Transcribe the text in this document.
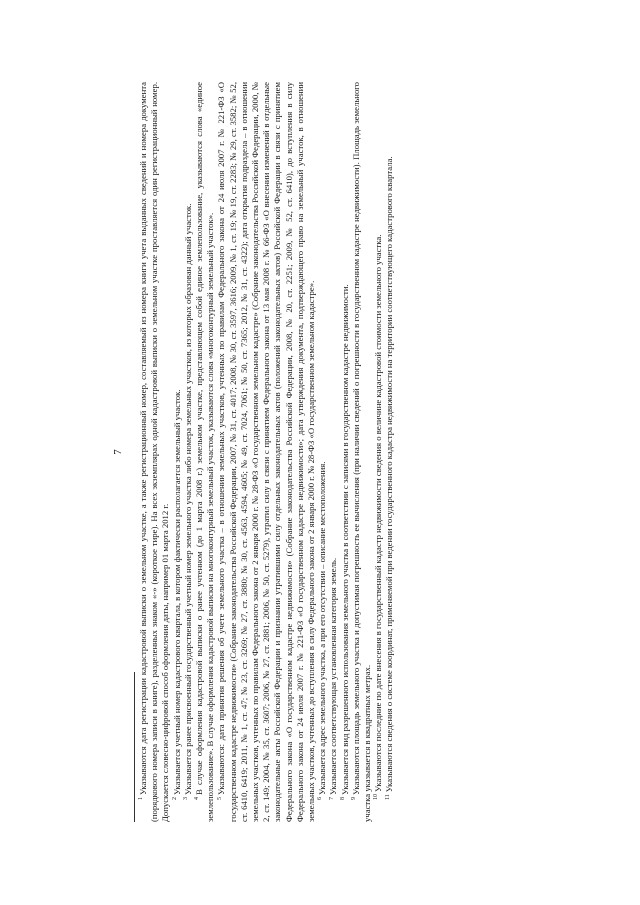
7

$^1$Указываются дата регистрации кадастровой выписки о земельном участке, а также регистрационный номер, составляемый из номера книги учета выданных сведений и номера документа (порядкового номера записи в книге), разделенных знаком «-» (короткое тире). На всех экземплярах одной кадастровой выписки о земельном участке проставляется один регистрационный номер. Допускается словесно-цифровой способ оформления даты, например 01 марта 2012 г. $^2$Указывается учетный номер кадастрового квартала, в котором фактически располагается земельный участок.

$^3$Указывается ранее присвоенный государственный учетный номер земельного участка либо номера земельных участков, из которых образован данный участок.

$^4$В случае оформления кадастровой выписки о ранее учтенном (до 1 марта 2008 г.) земельном участке, представляющем собой единое землепользование, указываются слова «единое землепользование». В случае оформления кадастровой выписки на многоконтурный земельный участок, указываются слова «многоконтурный земельный участок». $^5$Указываются: дата принятия решения об учете земельного участка – в отношении земельных участков, учтенных по правилам Федерального закона от 24 июля 2007 г. № 221-ФЗ «О государственном кадастре недвижимости» (Собрание законодательства Российской Федерации, 2007, № 31, ст. 4017; 2008, № 30, ст. 3597, 3616; 2009, № 1, ст. 19; № 19, ст. 2283; № 29, ст. 3582; № 52, ст. 6410, 6419; 2011, № 1, ст. 47; № 23, ст. 3269; № 27, ст. 3880; № 30, ст. 4563, 4594, 4605; № 49, ст. 7024, 7061; № 50, ст. 7365; 2012, № 31, ст. 4322); дата открытия подраздела – в отношении земельных участков, учтенных по правилам Федерального закона от 2 января 2000 г. № 28-ФЗ «О государственном земельном кадастре» (Собрание законодательства Российской Федерации, 2000, № 2, ст. 149; 2004, № 35, ст. 3607; 2006, № 27, ст. 2881; 2006, № 50, ст. 5279), утратил силу в связи с принятием Федерального закона от 13 мая 2008 г. № 66-ФЗ «О внесении изменений в отдельные законодательные акты Российской Федерации и признании утратившими силу отдельных законодательных актов (положений законодательных актов) Российской Федерации в связи с принятием Федерального закона «О государственном кадастре недвижимости» (Собрание законодательства Российской Федерации, 2008, № 20, ст. 2251; 2009, № 52, ст. 6410), до вступления в силу Федерального закона от 24 июля 2007 г. № 221-ФЗ «О государственном кадастре недвижимости»; дата утверждения документа, подтверждающего право на земельный участок, в отношении земельных участков, учтенных до вступления в силу Федерального закона от 2 января 2000 г. № 28-ФЗ «О государственном земельном кадастре». $^6$Указывается адрес земельного участка, а при его отсутствии – описание местоположения.

$^7$Указывается соответствующая установленная категория земель.

$^8$Указывается вид разрешенного использования земельного участка в соответствии с записями в государственном кадастре недвижимости.

$^9$Указываются площадь земельного участка и допустимая погрешность ее вычисления (при наличии сведений о погрешности в государственном кадастре недвижимости). Площадь земельного участка указывается в квадратных метрах. $^{10}$Указываются последние по дате внесения в государственный кадастр недвижимости сведения о величине кадастровой стоимости земельного участка.

$^{11}$Указываются сведения о системе координат, применяемой при ведении государственного кадастра недвижимости на территории соответствующего кадастрового квартала.
